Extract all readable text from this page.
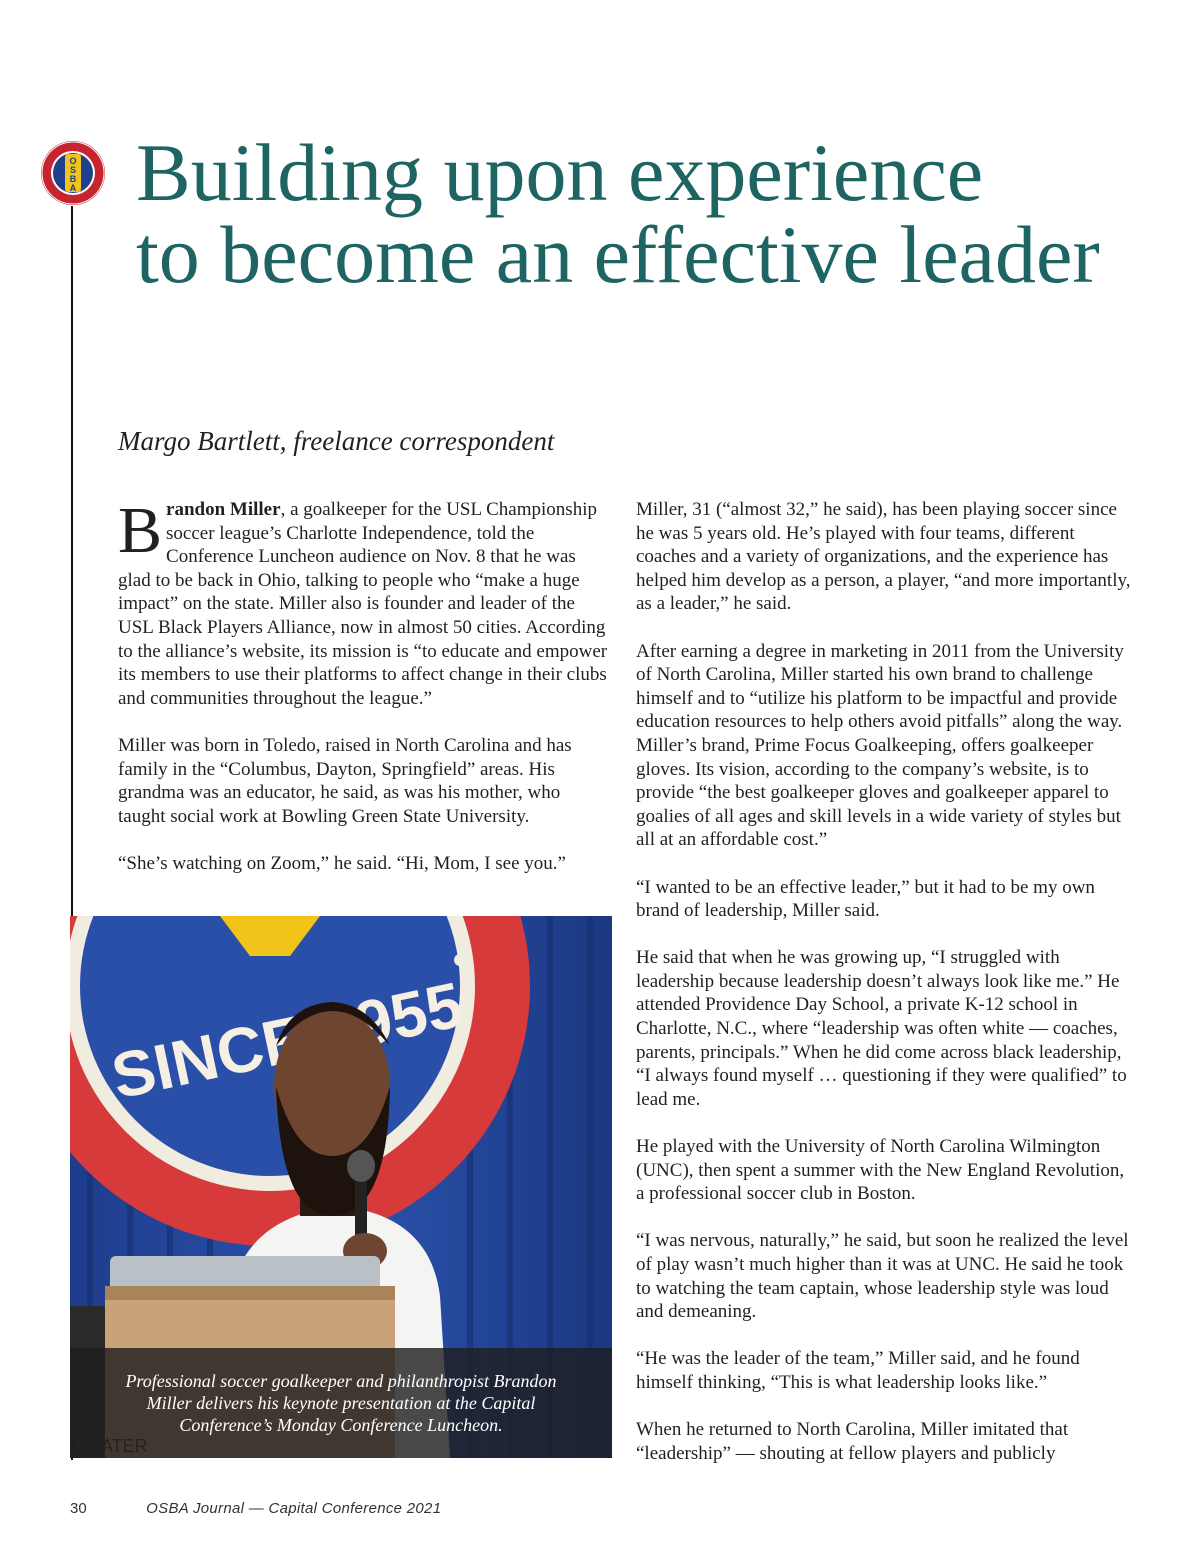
O
S
B
A Building upon experience
to become an effective leader
Margo Bartlett, freelance correspondent

Brandon Miller, a goalkeeper for the USL Championship soccer league’s Charlotte Independence, told the Conference Luncheon audience on Nov. 8 that he was glad to be back in Ohio, talking to people who “make a huge impact” on the state. Miller also is founder and leader of the USL Black Players Alliance, now in almost 50 cities. According to the alliance’s website, its mission is “to educate and empower its members to use their platforms to affect change in their clubs and communities throughout the league.”

Miller was born in Toledo, raised in North Carolina and has family in the “Columbus, Dayton, Springfield” areas. His grandma was an educator, he said, as was his mother, who taught social work at Bowling Green State University.

“She’s watching on Zoom,” he said. “Hi, Mom, I see you.”

SINCE 1955
Professional soccer goalkeeper and philanthropist Brandon
Miller delivers his keynote presentation at the Capital
Conference’s Monday Conference Luncheon.

Miller, 31 (“almost 32,” he said), has been playing soccer since he was 5 years old. He’s played with four teams, different coaches and a variety of organizations, and the experience has helped him develop as a person, a player, “and more importantly, as a leader,” he said.

After earning a degree in marketing in 2011 from the University of North Carolina, Miller started his own brand to challenge himself and to “utilize his platform to be impactful and provide education resources to help others avoid pitfalls” along the way. Miller’s brand, Prime Focus Goalkeeping, offers goalkeeper gloves. Its vision, according to the company’s website, is to provide “the best goalkeeper gloves and goalkeeper apparel to goalies of all ages and skill levels in a wide variety of styles but all at an affordable cost.”

“I wanted to be an effective leader,” but it had to be my own brand of leadership, Miller said.

He said that when he was growing up, “I struggled with leadership because leadership doesn’t always look like me.” He attended Providence Day School, a private K-12 school in Charlotte, N.C., where “leadership was often white — coaches, parents, principals.” When he did come across black leadership, “I always found myself … questioning if they were qualified” to lead me.

He played with the University of North Carolina Wilmington (UNC), then spent a summer with the New England Revolution, a professional soccer club in Boston.

“I was nervous, naturally,” he said, but soon he realized the level of play wasn’t much higher than it was at UNC. He said he took to watching the team captain, whose leadership style was loud and demeaning.

“He was the leader of the team,” Miller said, and he found himself thinking, “This is what leadership looks like.”

When he returned to North Carolina, Miller imitated that “leadership” — shouting at fellow players and publicly

30	OSBA Journal — Capital Conference 2021
